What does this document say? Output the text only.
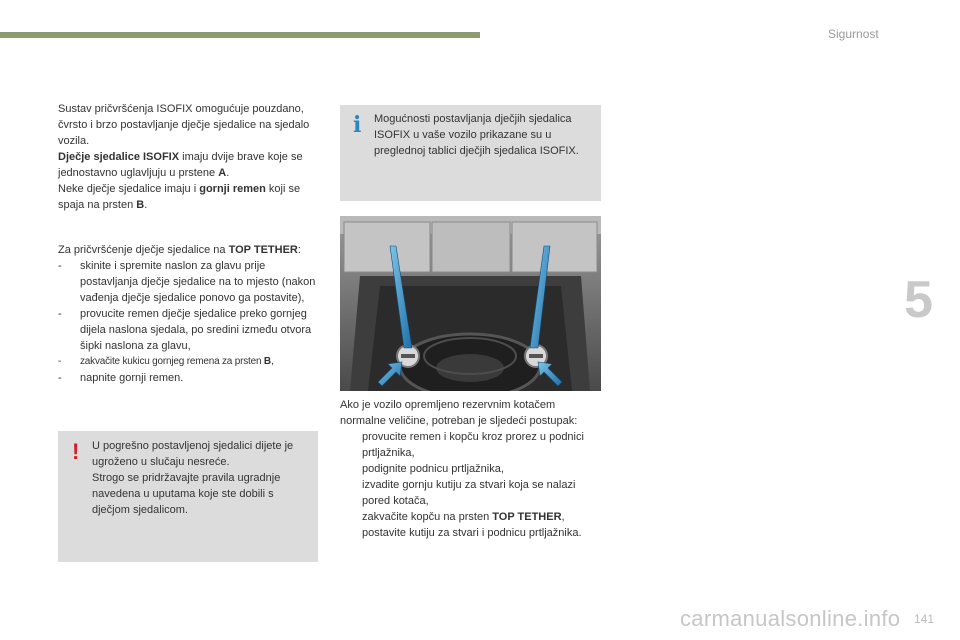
Sigurnost
5

Sustav pričvršćenja ISOFIX omogućuje pouzdano, čvrsto i brzo postavljanje dječje sjedalice na sjedalo vozila.

Dječje sjedalice ISOFIX imaju dvije brave koje se jednostavno uglavljuju u prstene A.

Neke dječje sjedalice imaju i gornji remen koji se spaja na prsten B.

Za pričvršćenje dječje sjedalice na TOP TETHER:

- skinite i spremite naslon za glavu prije postavljanja dječje sjedalice na to mjesto (nakon vađenja dječje sjedalice ponovo ga postavite),
- provucite remen dječje sjedalice preko gornjeg dijela naslona sjedala, po sredini između otvora šipki naslona za glavu,
- zakvačite kukicu gornjeg remena za prsten B,
- napnite gornji remen.
! U pogrešno postavljenoj sjedalici dijete je ugroženo u slučaju nesreće.

Strogo se pridržavajte pravila ugradnje navedena u uputama koje ste dobili s dječjom sjedalicom.

i Mogućnosti postavljanja dječjih sjedalica ISOFIX u vaše vozilo prikazane su u preglednoj tablici dječjih sjedalica ISOFIX.

Ako je vozilo opremljeno rezervnim kotačem normalne veličine, potreban je sljedeći postupak:

provucite remen i kopču kroz prorez u podnici prtljažnika,
podignite podnicu prtljažnika,
izvadite gornju kutiju za stvari koja se nalazi pored kotača,
zakvačite kopču na prsten TOP TETHER,
postavite kutiju za stvari i podnicu prtljažnika.
carmanualsonline.info 141
